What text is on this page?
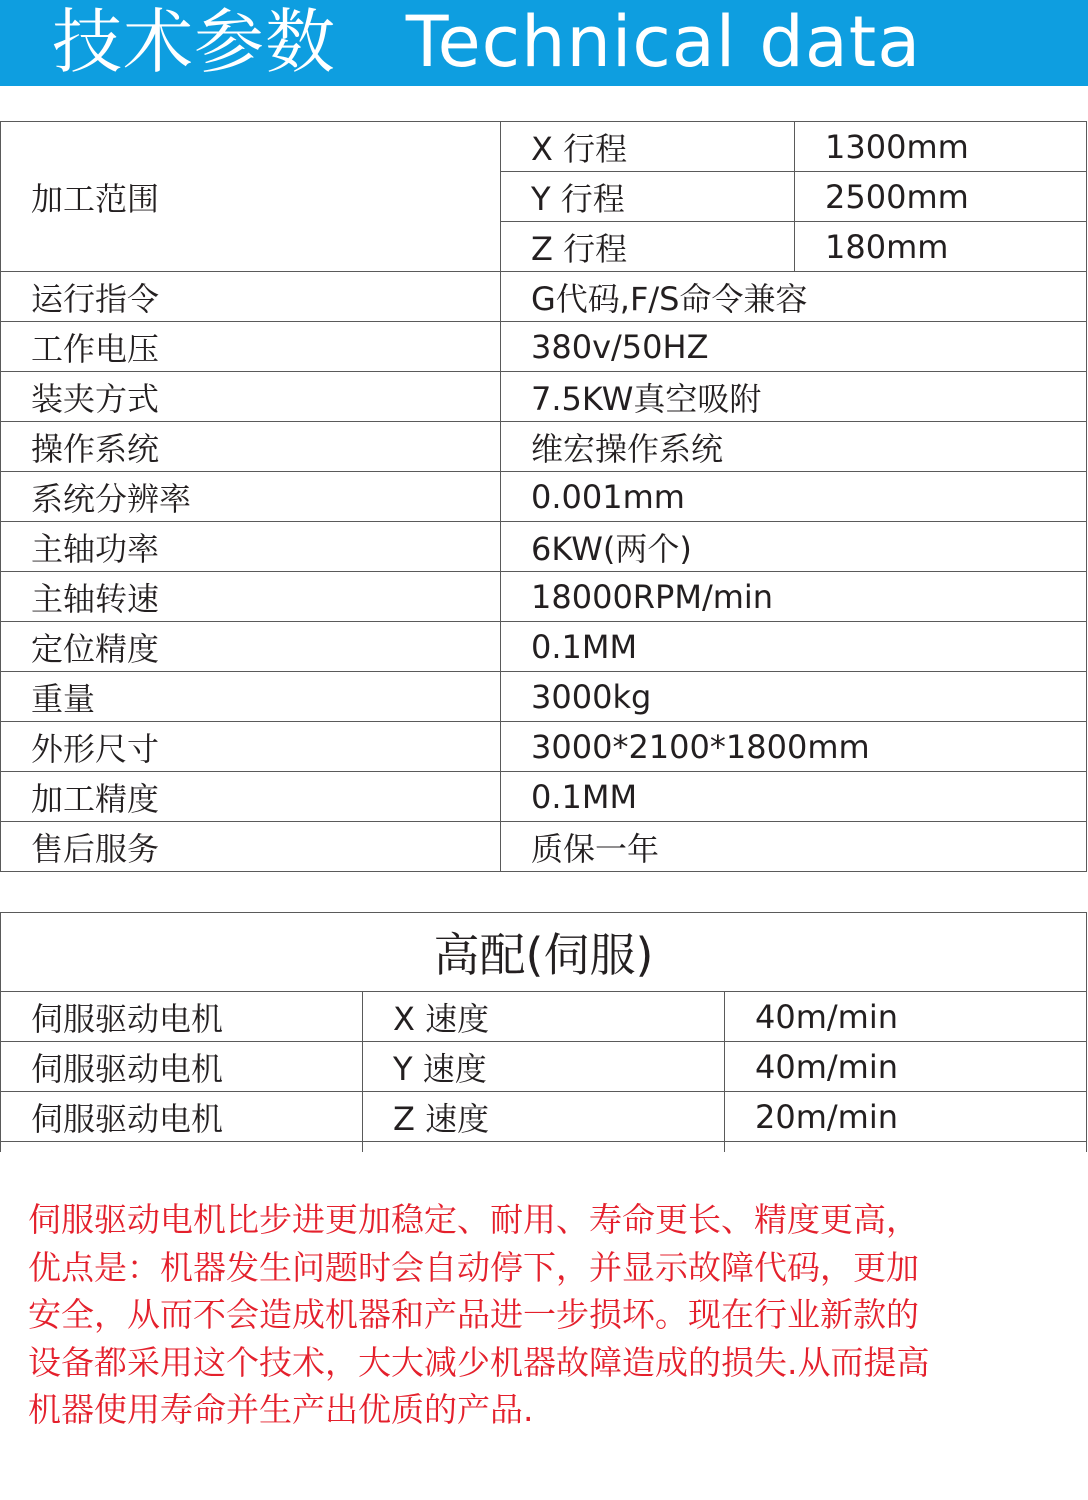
技术参数   Technical data
加工范围	X 行程	1300mm
	Y 行程	2500mm
	Z 行程	180mm
运行指令	G代码,F/S命令兼容	
工作电压	380v/50HZ	
装夹方式	7.5KW真空吸附	
操作系统	维宏操作系统	
系统分辨率	0.001mm	
主轴功率	6KW(两个)	
主轴转速	18000RPM/min	
定位精度	0.1MM	
重量	3000kg	
外形尺寸	3000*2100*1800mm	
加工精度	0.1MM	
售后服务	质保一年	
高配(伺服)		
伺服驱动电机	X 速度	40m/min
伺服驱动电机	Y 速度	40m/min
伺服驱动电机	Z 速度	20m/min

伺服驱动电机比步进更加稳定、耐用、寿命更长、精度更高，
优点是：机器发生问题时会自动停下，并显示故障代码，更加
安全，从而不会造成机器和产品进一步损坏。现在行业新款的
设备都采用这个技术，大大减少机器故障造成的损失.从而提高
机器使用寿命并生产出优质的产品.
